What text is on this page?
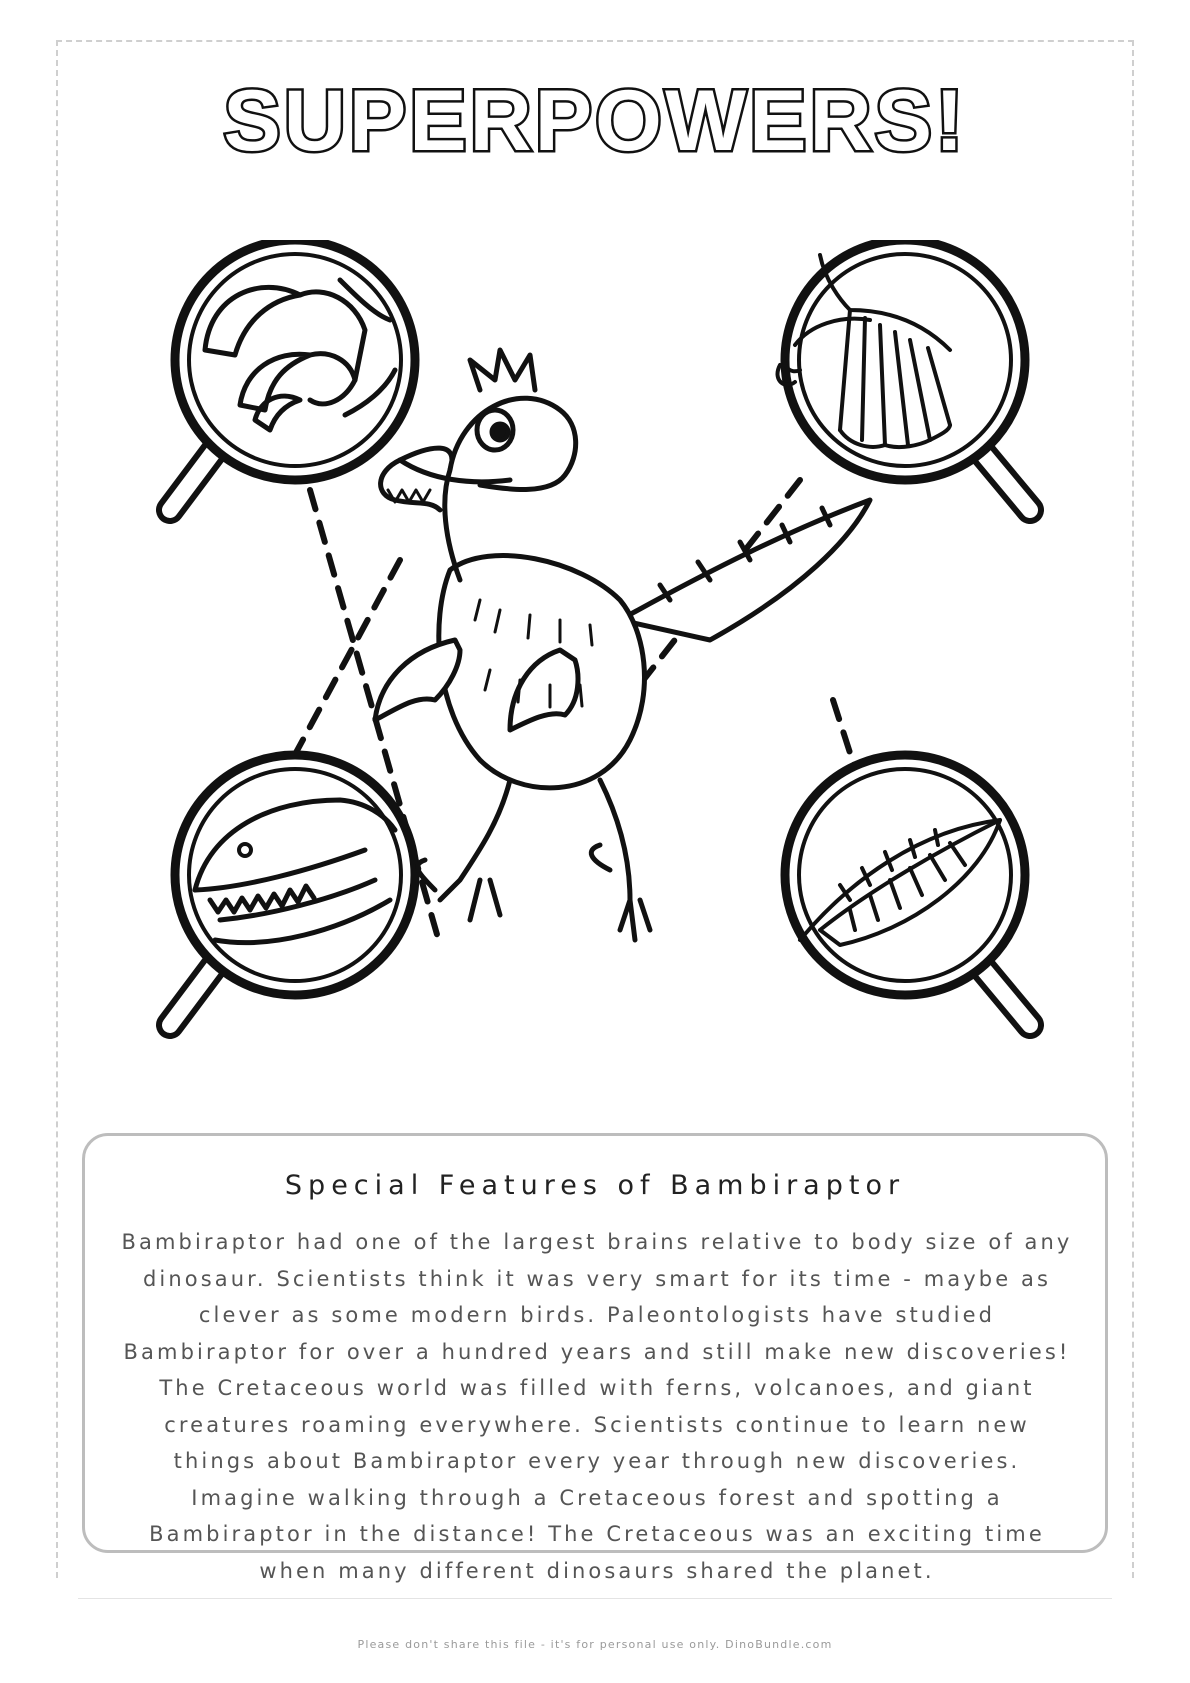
SUPERPOWERS!
Special Features of Bambiraptor
Bambiraptor had one of the largest brains relative to body size of any dinosaur. Scientists think it was very smart for its time - maybe as clever as some modern birds. Paleontologists have studied Bambiraptor for over a hundred years and still make new discoveries! The Cretaceous world was filled with ferns, volcanoes, and giant creatures roaming everywhere. Scientists continue to learn new things about Bambiraptor every year through new discoveries. Imagine walking through a Cretaceous forest and spotting a Bambiraptor in the distance! The Cretaceous was an exciting time when many different dinosaurs shared the planet.
Please don't share this file - it's for personal use only. DinoBundle.com
